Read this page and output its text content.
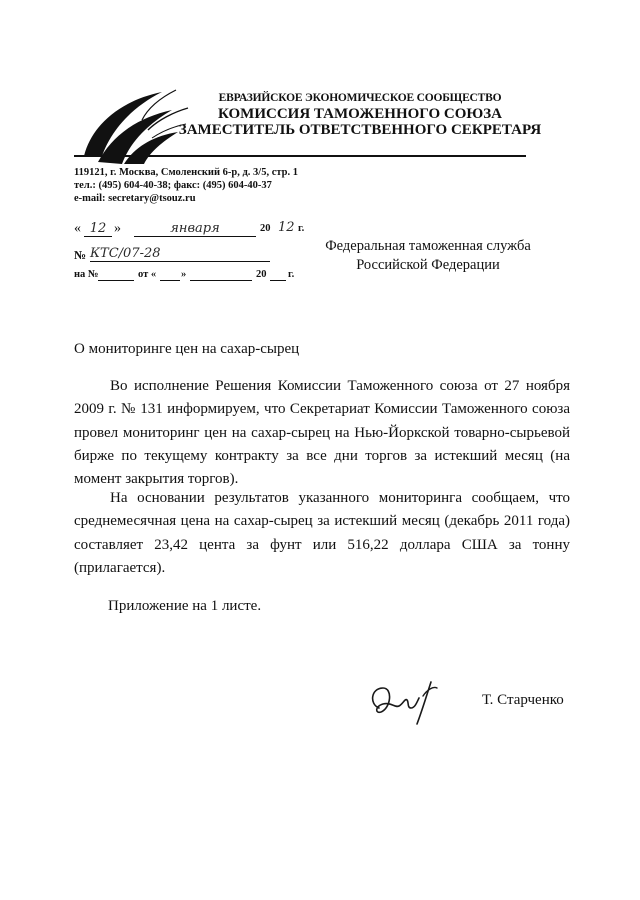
ЕВРАЗИЙСКОЕ ЭКОНОМИЧЕСКОЕ СООБЩЕСТВО
КОМИССИЯ ТАМОЖЕННОГО СОЮЗА
ЗАМЕСТИТЕЛЬ ОТВЕТСТВЕННОГО СЕКРЕТАРЯ
119121, г. Москва, Смоленский 6-р, д. 3/5, стр. 1
тел.: (495) 604-40-38; факс: (495) 604-40-37
e-mail: secretary@tsouz.ru
« 12 »	января	20 12 г.
№ КТС/07-28
на №	от « »	20 г.
Федеральная таможенная служба
Российской Федерации
О мониторинге цен на сахар-сырец

Во исполнение Решения Комиссии Таможенного союза от 27 ноября 2009 г. № 131 информируем, что Секретариат Комиссии Таможенного союза провел мониторинг цен на сахар-сырец на Нью-Йоркской товарно-сырьевой бирже по текущему контракту за все дни торгов за истекший месяц (на момент закрытия торгов).

На основании результатов указанного мониторинга сообщаем, что среднемесячная цена на сахар-сырец за истекший месяц (декабрь 2011 года) составляет 23,42 цента за фунт или 516,22 доллара США за тонну (прилагается).

Приложение на 1 листе.
Т. Старченко
